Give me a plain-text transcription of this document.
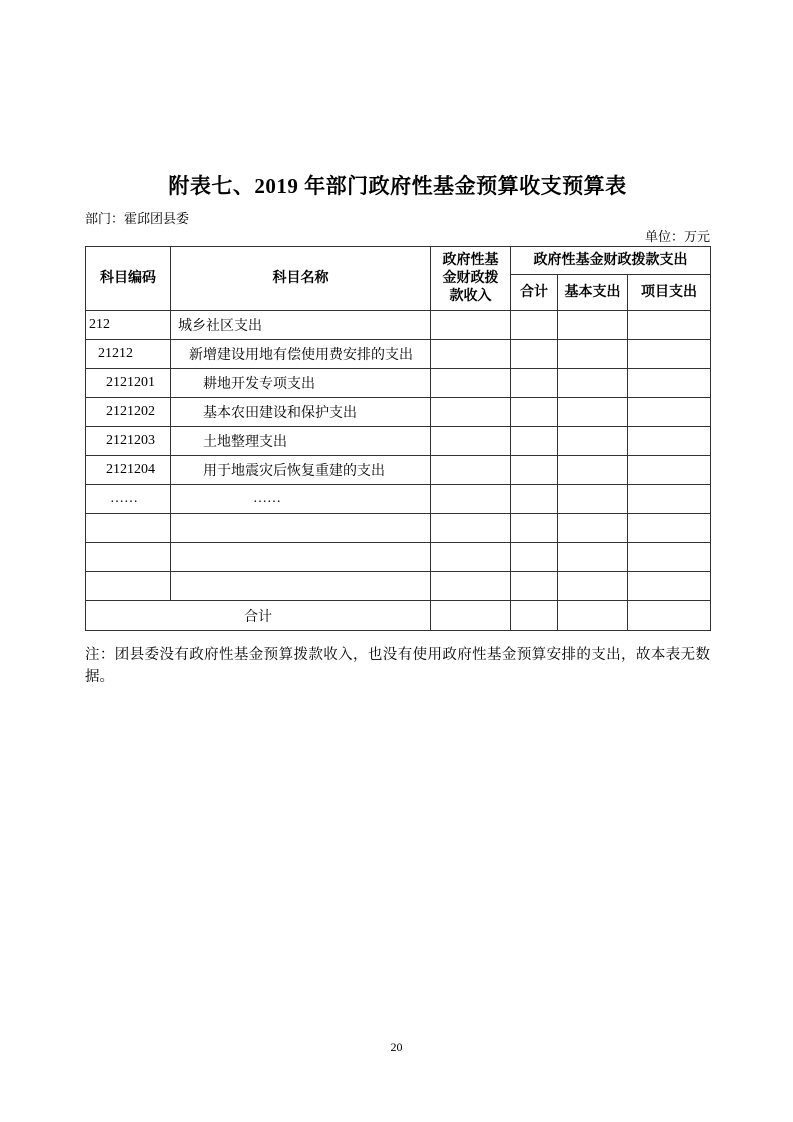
附表七、2019 年部门政府性基金预算收支预算表
部门：霍邱团县委
单位：万元
科目编码	科目名称	政府性基金财政拨款收入	政府性基金财政拨款支出		
			合计	基本支出	项目支出
212	城乡社区支出				
21212	新增建设用地有偿使用费安排的支出				
2121201	耕地开发专项支出				
2121202	基本农田建设和保护支出				
2121203	土地整理支出				
2121204	用于地震灾后恢复重建的支出				
……	……				

合计					

注：团县委没有政府性基金预算拨款收入，也没有使用政府性基金预算安排的支出，故本表无数据。

20
